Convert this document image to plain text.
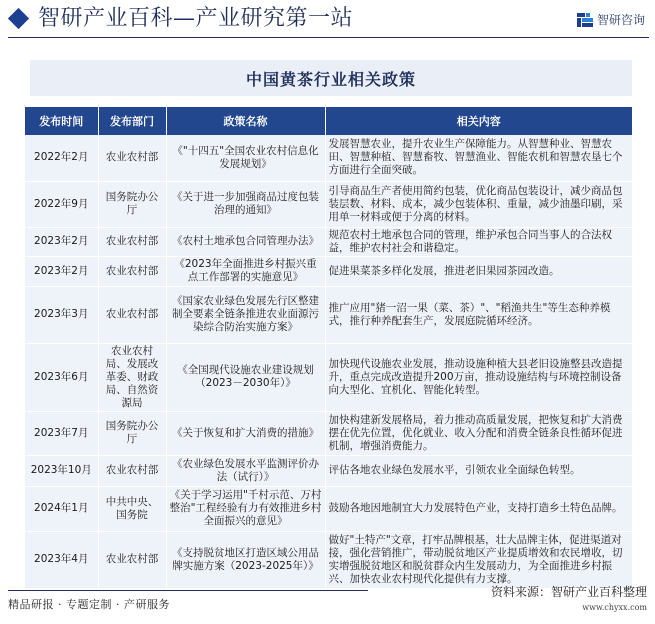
智研产业百科—产业研究第一站	智研咨询
中国黄茶行业相关政策
发布时间	发布部门	政策名称	相关内容
2022年2月	农业农村部	《"十四五"全国农业农村信息化发展规划》	发展智慧农业，提升农业生产保障能力。从智慧种业、智慧农田、智慧种植、智慧畜牧、智慧渔业、智能农机和智慧农垦七个方面进行全面突破。
2022年9月	国务院办公厅	《关于进一步加强商品过度包装治理的通知》	引导商品生产者使用简约包装，优化商品包装设计，减少商品包装层数、材料、成本，减少包装体积、重量，减少油墨印刷，采用单一材料或便于分离的材料。
2023年2月	农业农村部	《农村土地承包合同管理办法》	规范农村土地承包合同的管理，维护承包合同当事人的合法权益，维护农村社会和谐稳定。
2023年2月	农业农村部	《2023年全面推进乡村振兴重点工作部署的实施意见》	促进果菜茶多样化发展，推进老旧果园茶园改造。
2023年3月	农业农村部	《国家农业绿色发展先行区整建制全要素全链条推进农业面源污染综合防治实施方案》	推广应用"猪一沼一果（菜、茶）"、"稻渔共生"等生态种养模式，推行种养配套生产，发展庭院循环经济。
2023年6月	农业农村局、发展改革委、财政局、自然资源局	《全国现代设施农业建设规划（2023－2030年）》	加快现代设施农业发展，推动设施种植大县老旧设施整县改造提升，重点完成改造提升200万亩，推动设施结构与环境控制设备向大型化、宜机化、智能化转型。
2023年7月	国务院办公厅	《关于恢复和扩大消费的措施》	加快构建新发展格局，着力推动高质量发展，把恢复和扩大消费摆在优先位置，优化就业、收入分配和消费全链条良性循环促进机制，增强消费能力。
2023年10月	农业农村部	《农业绿色发展水平监测评价办法（试行）》	评估各地农业绿色发展水平，引领农业全面绿色转型。
2024年1月	中共中央、国务院	《关于学习运用"千村示范、万村整治"工程经验有力有效推进乡村全面振兴的意见》	鼓励各地因地制宜大力发展特色产业，支持打造乡土特色品牌。
2023年4月	农业农村部	《支持脱贫地区打造区域公用品牌实施方案（2023-2025年）》	做好"土特产"文章，打牢品牌根基，壮大品牌主体，促进渠道对接，强化营销推广，带动脱贫地区产业提质增效和农民增收，切实增强脱贫地区和脱贫群众内生发展动力，为全面推进乡村振兴、加快农业农村现代化提供有力支撑。
精品研报 · 专题定制 · 产研服务
资料来源：智研产业百科整理
www.chyxx.com
